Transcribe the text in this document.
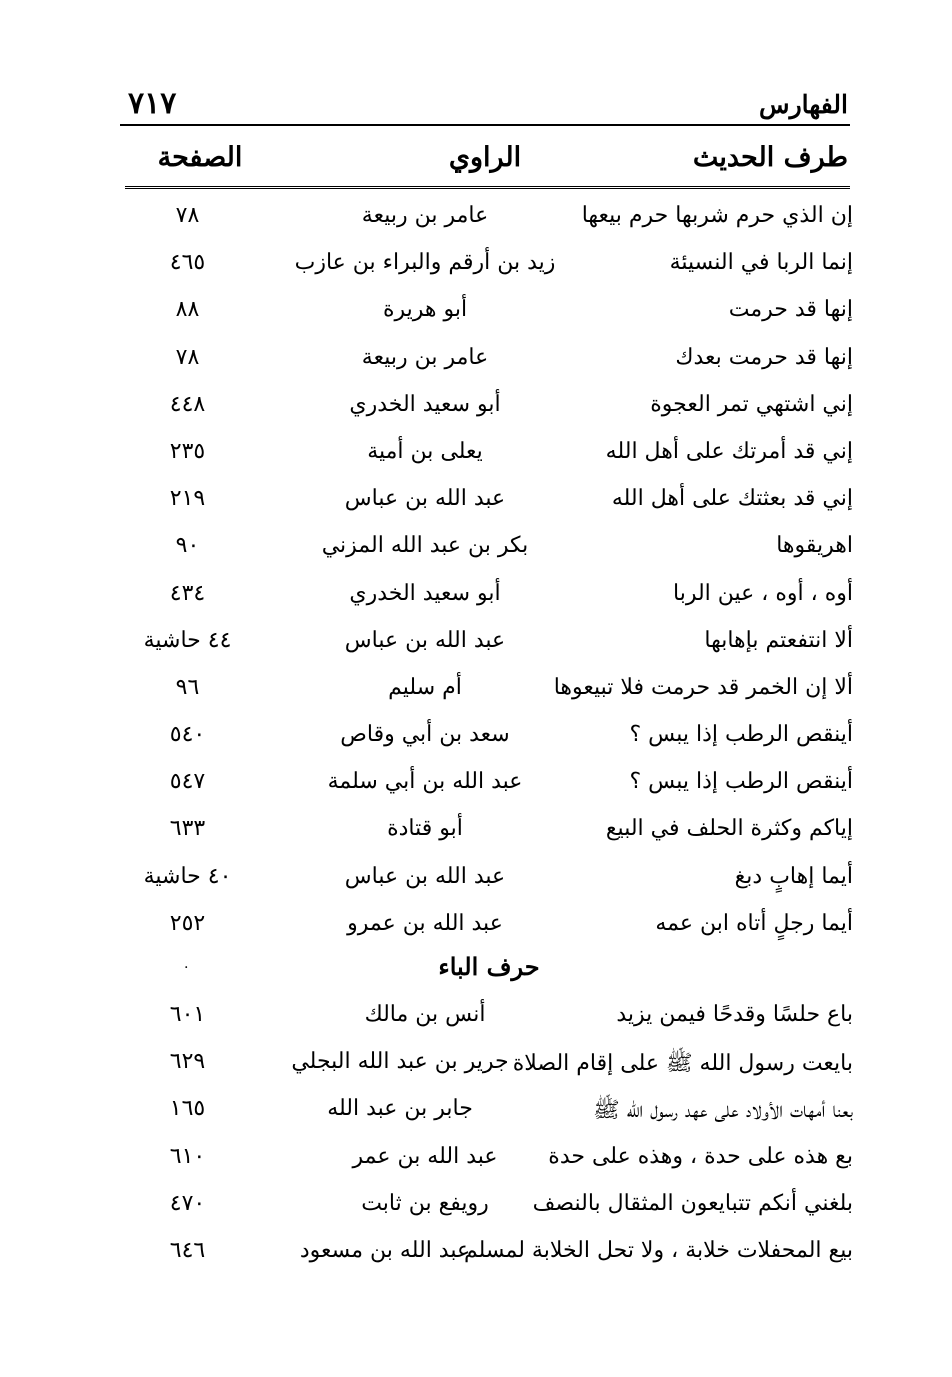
الفهارس
٧١٧
طرف الحديث
الراوي
الصفحة
إن الذي حرم شربها حرم بيعها
عامر بن ربيعة
٧٨
إنما الربا في النسيئة
زيد بن أرقم والبراء بن عازب
٤٦٥
إنها قد حرمت
أبو هريرة
٨٨
إنها قد حرمت بعدك
عامر بن ربيعة
٧٨
إني اشتهي تمر العجوة
أبو سعيد الخدري
٤٤٨
إني قد أمرتك على أهل الله
يعلى بن أمية
٢٣٥
إني قد بعثتك على أهل الله
عبد الله بن عباس
٢١٩
اهريقوها
بكر بن عبد الله المزني
٩٠
أوه ، أوه ، عين الربا
أبو سعيد الخدري
٤٣٤
ألا انتفعتم بإهابها
عبد الله بن عباس
٤٤ حاشية
ألا إن الخمر قد حرمت فلا تبيعوها
أم سليم
٩٦
أينقص الرطب إذا يبس ؟
سعد بن أبي وقاص
٥٤٠
أينقص الرطب إذا يبس ؟
عبد الله بن أبي سلمة
٥٤٧
إياكم وكثرة الحلف في البيع
أبو قتادة
٦٣٣
أيما إهابٍ دبغ
عبد الله بن عباس
٤٠ حاشية
أيما رجلٍ أتاه ابن عمه
عبد الله بن عمرو
٢٥٢
حرف الباء
.
باع حلسًا وقدحًا فيمن يزيد
أنس بن مالك
٦٠١
بايعت رسول الله ﷺ على إقام الصلاة
جرير بن عبد الله البجلي
٦٢٩
بعنا أمهات الأولاد على عهد رسول الله ﷺ
جابر بن عبد الله
١٦٥
بع هذه على حدة ، وهذه على حدة
عبد الله بن عمر
٦١٠
بلغني أنكم تتبايعون المثقال بالنصف
رويفع بن ثابت
٤٧٠
بيع المحفلات خلابة ، ولا تحل الخلابة لمسلم
عبد الله بن مسعود
٦٤٦
